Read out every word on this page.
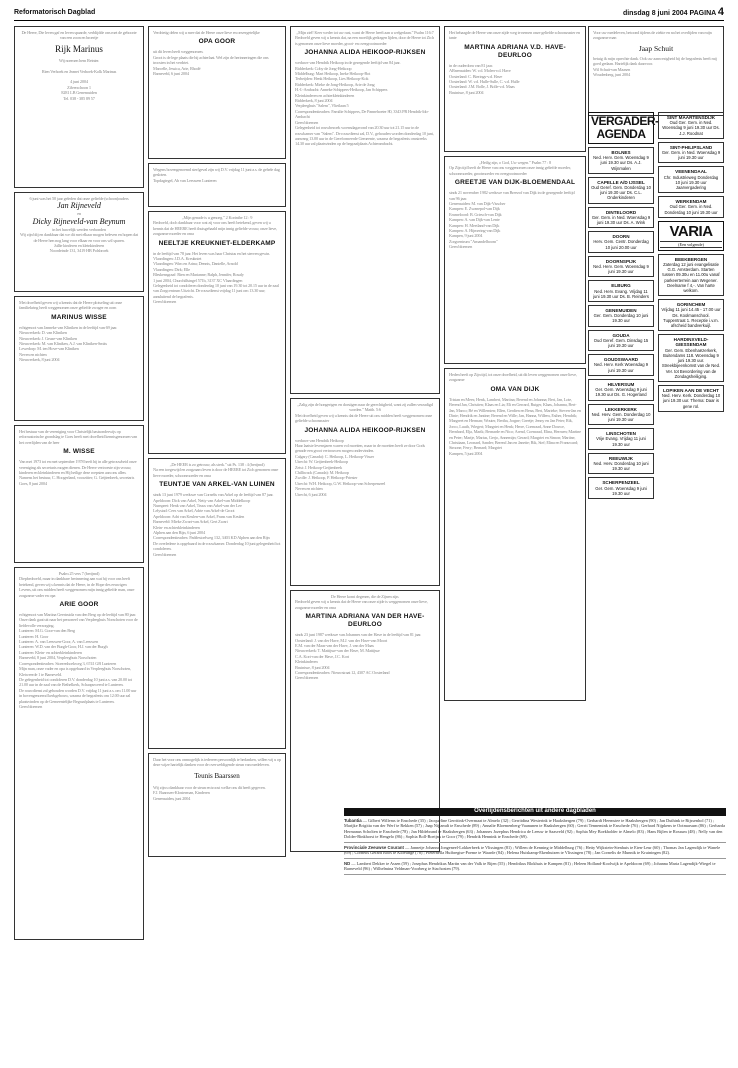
Reformatorisch Dagblad	dinsdag 8 juni 2004 PAGINA 4
De Heere, Die leven gaf en leven spaarde, verblijdde ons met de geboorte van een zoon en broertje
Rijk Marinus
Wij noemen hem Reinier.

Rien Verhoek en Jeanet Verhoek-Kolk Marinus

4 juni 2004
Zilverschoon 1
8281 LB Genemuiden
Tel. 038 - 385 89 57
6 juni was het 50 jaar geleden dat onze geliefde (schoon)ouders
Jan Rijneveld
en
Dicky Rijneveld-van Beynum
in het huwelijk werden verbonden
Wij zijn blij en dankbaar dat we dit met elkaar mogen beleven en hopen dat de Heere hen nog lang voor elkaar en voor ons wil sparen.
Jullie kinderen en kleinkinderen
Noordeinde 131, 3419 HB Polsbroek
Met droefheid geven wij u kennis dat de Heere plotseling uit onze familiekring heeft weggenomen onze geliefde zwager en oom
MARINUS WISSE
echtgenoot van Janneke van Kliniken in de leeftijd van 69 jaar.
Nieuwerkerk: D. van Kliniken
Nieuwerkerk: J. Geuze-van Kliniken
Nieuwerkerk: M. van Kliniken, A.J. van Kliniken-Smits
Lewedorp: M. ten Hove-van Kliniken
Neven en nichten
Nieuwerkerk, 8 juni 2004
Het bestuur van de vereniging voor Christelijk basisonderwijs op reformatorische grondslag te Goes heeft met droefheid kennisgenomen van het overlijden van de heer
M. WISSE
Van mei 1973 tot en met september 1978 heeft hij in alle getrouwheid onze vereniging als secretaris mogen dienen. De Heere vertroeste zijn vrouw, kinderen en kleinkinderen en Hij heilige deze roepsten aan ons allen.
Namens het bestuur, C. Hoogerland, voorzitter; G. Geijtenbeek, secretaris
Goes, 8 juni 2004
Psalm 25 vers 7 (berijmd)
Diepbedroefd, maar in dankbare herinnering aan wat hij voor ons heeft betekend, geven wij u kennis dat de Heere, in de Hope des eeuwigen Levens, uit ons midden heeft weggenomen mijn innig geliefde man, onze zorgzame vader en opa
ARIE GOOR
echtgenoot van Martina Geertruida van den Berg op de leeftijd van 80 jaar.
Onze dank gaat uit naar het personeel van Verpleeghuis Norschoten voor de liefdevolle verzorging.
Lunteren: M.G. Goor-van den Berg
Lunteren: H. Goor
Lunteren: A. van Leeuwen-Goor, A. van Leeuwen
Lunteren: W.D. van der Burgh-Goor, H.J. van der Burgh
Lunteren: Klein- en achterkleinkinderen
Barneveld, 8 juni 2004, Verpleeghuis Norschoten
Correspondentieadres: Stoerenhoekweg 3, 6741 GB Lunteren
Mijn man, onze vader en opa is opgebaard in Verpleeghuis Norschoten, Kleiweerde 1 te Barneveld.
De gelegenheid tot condoleren D.V. donderdag 10 juni a.s. van 20.00 tot 21.00 uur in de zaal van de Bethelkerk, Schaapsweerd te Lunteren.
De rouwdienst zal gehouden worden D.V. vrijdag 11 juni a.s. om 11.00 uur in bovengenoemd kerkgebouw, waarna de begrafenis om 12.00 uur zal plaatsvinden op de Gemeentelijke Begraafplaats te Lunteren.
Geen bloemen
Verdrietig delen wij u mee dat de Heere onze lieve en onvergetelijke
OPA GOOR
uit dit leven heeft weggenomen.
Groot is de lege plaats die hij achterlaat. Wel zijn de herinneringen die ons troosten in het verdriet.
Marcelle, Jessica, Arie, Rhodé
Barneveld, 6 juni 2004
Wegens bovengenoemd sterfgeval zijn wij D.V. vrijdag 11 juni a.s. de gehele dag gesloten.
Topdagtegel, Ab van Leeuwen Lunteren
„Mijn genade is u genoeg.” 2 Korinthe 12 : 9
Bedroefd, doch dankbaar voor wat zij voor ons heeft betekend, geven wij u kennis dat de HEERE heeft thuisgehaald mijn innig geliefde vrouw, onze lieve, zorgzame moeder en oma
NEELTJE KREUKNIET-ELDERKAMP
in de leeftijd van 78 jaar. Het leven was haar Christus en het sterven gewin.
Vlaardingen: J.D.A. Kreukniet
Vlaardingen: Wim en Arina; Dennis, Danielle, Arnold
Vlaardingen: Dirk; Elle
Bleskensgraaf: Rien en Marianne; Ralph, Jennifer, Rosaly
1 juni 2004, Churchillsingel 571b, 3137 XC Vlaardingen
Gelegenheid tot condoleren donderdag 10 juni van 19.30 tot 20.15 uur in de zaal van Zorgcentrum Uitzicht. De rouwdienst vrijdag 11 juni om 13.30 uur; aansluitend de begrafenis.
Geen bloemen
„De HEER is zo getrouw, als sterk.” uit Ps. 138 : 4 (berijmd)
Na een toegewijd en zorgzaam leven is door de HEERE tot Zich genomen onze lieve moeder, schoonmoeder en oma
TEUNTJE VAN ARKEL-VAN LUINEN
sinds 13 juni 1979 weduwe van Cornelis van Arkel op de leeftijd van 87 jaar.
Apeldoorn: Dick van Arkel, Netty van Arkel-van Middelkoop
Nunspeet: Henk van Arkel, Truus van Arkel-van der Lee
Lelystad: Cees van Arkel, Adrie van Arkel-de Groot
Apeldoorn: Adri van Keulen-van Arkel, Frans van Keulen
Barneveld: Mieke Zwart-van Arkel, Gert Zwart
Klein- en achterkleinkinderen
Alphen aan den Rijn, 6 juni 2004
Correspondentieadres: Paddestoelweg 132, 3403 KD Alphen aan den Rijn
De overledene is opgebaard in de rouwkamer. Donderdag 10 juni gelegenheid tot condoleren.
Geen bloemen
Daar het voor ons onmogelijk is iedereen persoonlijk te bedanken, willen wij u op deze wijze hartelijk danken voor de overweldigende steun van medeleven.
Teunis Baarssen
Wij zijn u dankbaar voor de steun en troost welke ons dit heeft gegeven.
F.J. Baarssen-Klosterman, Kinderen
Genemuiden, juni 2004
„Mijn ziel! Keer weder tot uw rust, want de Heere heeft aan u welgedaan.” Psalm 116:7
Bedroefd geven wij u kennis dat, na een moeilijk gedragen lijden, door de Heere tot Zich is genomen onze lieve moeder, groot- en overgrootmoeder
JOHANNA ALIDA HEIKOOP-RIJKSEN
weduwe van Hendrik Heikoop in de gezegende leeftijd van 84 jaar.
Ridderkerk: Coby de Jong-Heikoop
Middelburg: Mart Heikoop, Ineke Heikoop-Bot
Terheijden: Henk Heikoop, Lies Heikoop-Kok
Ridderkerk: Mieke de Jong-Heikoop, Arie de Jong
H.-I.-Ambacht: Anneke Schippers-Heikoop, Jan Schippers
Kleinkinderen en achterkleinkinderen
Ridderkerk, 8 juni 2004
Verpleeghuis "Salem", Vlietlaan 5
Correspondentieadres: Familie Schippers, De Pannehoeter 80, 3343 PR Hendrik-Ido-Ambacht
Geen bloemen
Gelegenheid tot rouwbezoek woensdagavond van 20.30 uur tot 21.15 uur in de rouwkamer van "Salem". De rouwdienst zal, D.V., gehouden worden donderdag 10 juni, aanvang 13.00 uur in de Gereformeerde Gemeente, waarna de begrafenis omstreeks 14.30 uur zal plaatsvinden op de begraafplaats Achterambacht.
„Zalig zijn de hongerigen en dorstigen naar de gerechtigheid, want zij zullen verzadigd worden.” Matth. 5:6
Met droefheid geven wij u kennis dat de Heere uit ons midden heeft weggenomen onze geliefde schoonzuster
JOHANNA ALIDA HEIKOOP-RIJKSEN
weduwe van Hendrik Heikoop
Haar laatste levensjaren waren vol moeiten, maar in de moeiten heeft ze door Gods genade een groot vertrouwen mogen ondervinden.
Calgary (Canada): C. Heikoop, L. Heikoop-Visser
Utrecht: W. Geijtenbeek-Heikoop
Zeist: J. Heikoop-Geijtenbeek
Chilliwack (Canada): M. Heikoop
Zwolle: J. Heikoop, P. Heikoop-Priester
Utrecht: W.H. Heikoop, G.W. Heikoop-van Scherpenzeel
Neven en nichten
Utrecht, 6 juni 2004
De Heere komt degenen, die de Zijnen zijn.
Bedroefd geven wij u kennis dat de Heere van onze zijde is weggenomen onze lieve, zorgzame moeder en oma
MARTINA ADRIANA VAN DER HAVE-DEURLOO
sinds 23 juni 1987 weduwe van Johannes van der Have in de leeftijd van 81 jaar.
Oosterland: J. van der Have, M.J. van der Have-van Moort
E.M. van der Maas-van der Have, J. van der Maas
Nieuwerkerk: T. Mattijsse-van der Have, M. Mattijsse
C.A. Kort-van der Have, J.C. Kort
Kleinkinderen
Bruinisse, 8 juni 2004
Correspondentieadres: Nieuwstraat 12, 4307 AC Oosterland
Geen bloemen
Het behaagde de Heere van onze zijde weg te nemen onze geliefde schoonzuster en tante
MARTINA ADRIANA V.D. HAVE-DEURLOO
in de ouderdom van 81 jaar.
ARnemuiden: W. v.d. Molen-v.d. Have
Oosterland: C. Bierings-v.d. Have
Oosterland: W. v.d. Hulle-Sulle, C. v.d. Hulle
Oosterland: J.M. Bolle, J. Bolle-v.d. Maas
Bruinisse, 8 juni 2004
„Heilig zijn, o God, Uw wegen.” Psalm 77 : 8
Op Zijn tijd heeft de Heere van ons weggenomen onze innig geliefde moeder, schoonmoeder, grootmoeder en overgrootmoeder
GREETJE VAN DIJK-BLOEMENDAAL
sinds 21 november 1982 weduwe van Breezof van Dijk in de gezegende leeftijd van 96 jaar.
Genemuiden: M. van Dijk-Visscher
Kampen: E. Zwanepol-van Dijk
Emmeloord: B. Griesch-van Dijk
Kampen: A. van Dijk-van Lente
Kampen: H. Meetland-van Dijk
Kampen: A. Hijmering-van Dijk
Kampen, 9 juni 2004
Zorgcentrum "Amandelboom"
Geen bloemen
Heden heeft op Zijn tijd, tot onze droefheid, uit dit leven weggenomen onze lieve, zorgzame
OMA VAN DIJK
Tristan en Mees; Henk, Lambert, Martina; Berend en Johanna; Bert, Jan, Lote, Berend Jan, Christien; Klaas en Lia; Eli en Gerrard, Rutger, Klaas, Johanna, Bert-Jan, Marco; Bé en Willemien; Ellen, Gerdien en Bena, Bert, Marieke; Steven-Jan en Dinie; Hendrik en Jantine; Berend en Wille; Jan, Hanna, Willem, Esther, Hendrik; Margreet en Herman; Wouter, Bertha, Jorgne; Greetje; Jenny en Jan Peter; Rik, Jorco, Luuth, Wiegert; Margriet en Henk; Herre, Coenraad, Anne Douwe, Bernhard, Elja, Marik; Bernarde en Nico; Arend, Coenraad, Elina, Hermen; Martine en Peter; Marije, Marius, Gerjo, Annemijn; Gerard; Margriet en Simon; Martine, Christiaan, Leonard, Sander; Berend Jan en Janette; Rik, Stef; Elina en Fransward; Simone, Ferry; Bernard; Margriet
Kampen, 5 juni 2004
Voor uw medeleven, betoond tijdens de ziekte en na het overlijden van mijn zorgzame man
Jaap Schuit
betuig ik mijn oprechte dank. Ook uw aanwezigheid bij de begrafenis heeft mij goed gedaan. Hartelijk dank daarvoor.
Wil Schuit-van Maasen
Woudenberg, juni 2004
VERGADER-AGENDA
BOLNES
Ned. Herv. Gem. Woensdag 9 juni 19.30 uur Ds. A.J. Wijnmalen
CAPELLE A/D IJSSEL
Oud Geref. Gem. Donderdag 10 juni 19.30 uur Ds. C.L. Onderkinderen
DINTELOORD
Ger. Gem. in Ned. Woensdag 9 juni 19.30 uur Ds. A. Wink
DOORN
Herv. Gem. Centr. Donderdag 10 juni 20.00 uur
DOORNSPIJK
Ned. Herv. Gem. Woensdag 9 juni 19.30 uur
ELBURG
Ned. Herv. Evang. Vrijdag 11 juni 19.30 uur Ds. B. Reinders
GENEMUIDEN
Ger. Gem. Donderdag 10 juni 19.30 uur
GOUDA
Oud Geref. Gem. Dinsdag 15 juni 19.30 uur
GOUDSWAARD
Ned. Herv. Kerk Woensdag 9 juni 19.30 uur
HILVERSUM
Ger. Gem. Woensdag 9 juni 19.30 uur Ds. G. Hogerland
LEKKERKERK
Ned. Herv. Gem. Donderdag 10 juni 19.30 uur
LINSCHOTEN
Vrije Evang. Vrijdag 11 juni 19.30 uur
REEUWIJK
Ned. Herv. Donderdag 10 juni 19.30 uur
SCHERPENZEEL
Ger. Gem. Woensdag 9 juni 19.30 uur
SINT MAARTENSDIJK
Oud Ger. Gem. in Ned. Woensdag 9 juni 19.30 uur Ds. J.J. Roodnat
SINT-PHILIPSLAND
Ger. Gem. in Ned. Woensdag 9 juni 19.30 uur
VEENENDAAL
Chr. Industrieweg Donderdag 10 juni 19.30 uur Jaarvergadering
WERKENDAM
Oud Ger. Gem. in Ned. Donderdag 10 juni 19.30 uur
VARIA
(Een volgende)
BEEKBERGEN
Zaterdag 12 juni evangelisatie G.G. Amsterdam. Starten tussen 09.30u en 11.00u vanaf parkeerterrein aan Wegener. Deelname f 4,-. Van harte welkom.
GORINCHEM
Vrijdag 11 juni 14.45 - 17.00 uur Ds. Koolmanschool. Tuppentraat 1. Receptie i.v.m. afscheid bandverkuijl.
HARDINXVELD-GIESSENDAM
Ger. Gem. Ebenhaëzerkerk, Buitendams 118. Woensdag 9 juni 19.30 uur. Streekbijeenkomst van de Ned. Ver. tot Bevordering van de Zondagsheiliging.
LOPIKEN AAN DE VECHT
Ned. Herv. Kerk. Donderdag 10 juni 19.30 uur. Thema: Daar is gene rol.
Overlijdensberichten uit andere dagbladen
Tubantia — Gilbert Willems te Enschede (35) ; Jacqueline Gerritink-Overmaat te Almelo (32) ; Gerritdina Westerink te Haaksbergen (79) ; Gerhardt Heemstee te Haaksbergen (90) ; Jan Duthink te Rijssenhol (71) ; Marijke Brigitta van der Werf te Rekken (57) ; Jaap Nijlamdt te Enschede (89) ; Annalie Bloemenberg-Vaanunen te Haaksbergen (60) ; Gerrit Tennemink te Enschede (76) ; Gerhard Nijpkens te Ootmarsum (86) ; Gerharda Hermanus Scholten te Enschede (78) ; Jan Hildebrand te Haaksbergen (63) ; Johannes Jozephus Hendrica de Leeuw te Saasveld (92) ; Sophia Mey Boekholder te Almelo (83) ; Hans Bijlen te Rossum (48) ; Nelly van den Dolder-Binkhorst te Hengelo (86) ; Sophia Boll-Boeijnk te Goor (79) ; Hendrik Hennink te Enschede (69).
Provinciale Zeeuwse Courant — Jannetje Johanna Jongeneel-Lokkerbeek te Vlissingen (81) ; Willem de Kenning te Middelburg (76) ; Hetty Wijkstein-Stenhuis te Eten-Leur (60) ; Thomas Jan Lagendijk te Wanele (69) ; Cornelis Gerard Roos te Kloetinge (78) ; Pieternella Huibregtse-Poeme te Waarde (84) ; Helena Huiskamp-Ekenhuizen te Vlissingen (78) ; Jan Cornelis de Munnik te Kruiningen (82).
ND — Lambert Dekker te Assen (59) ; Josephus Hendrikus Martin van der Valk te Rijen (55) ; Hendrikus Blokhuis te Kampen (81) ; Heleen Holland-Koolwijk te Apeldoorn (69) ; Johanna Maria Lagendijk-Wiegel te Barneveld (96) ; Wilhelmina Veldman-Voorberg te Stachosten (79).
